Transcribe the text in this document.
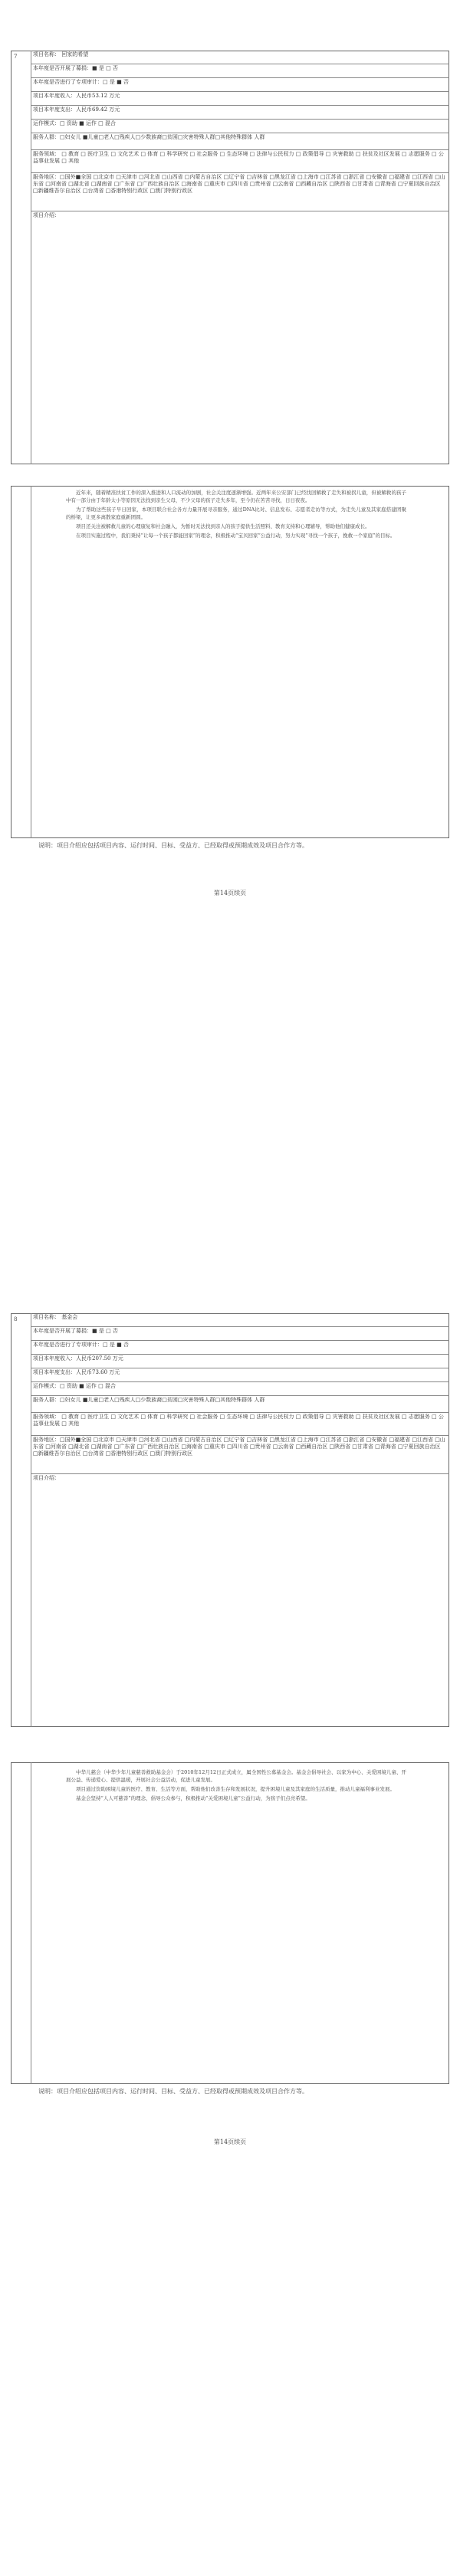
7	项目名称： 回家的希望
本年度是否开展了募捐：■ 是 □ 否
本年度是否进行了专项审计：□ 是 ■ 否
项目本年度收入：人民币53.12 万元
项目本年度支出：人民币69.42 万元
运作模式：□ 资助 ■ 运作 □ 混合
服务人群：□妇女儿 ■儿童□老人□残疾人□少数族裔□贫困□灾害特殊人群□其他特殊群体 人群
服务领域： □ 教育 □ 医疗卫生 □ 文化艺术 □ 体育 □ 科学研究 □ 社会服务 □ 生态环境 □ 法律与公民权力 □ 政策倡导 □ 灾害救助 □ 扶贫及社区发展 □ 志愿服务 □ 公益事业发展 □ 其他
服务地区：□国外■全国 □北京市 □天津市 □河北省 □山西省 □内蒙古自治区 □辽宁省 □吉林省 □黑龙江省 □上海市 □江苏省 □浙江省 □安徽省 □福建省 □江西省 □山东省 □河南省 □湖北省 □湖南省 □广东省 □广西壮族自治区 □海南省 □重庆市 □四川省 □贵州省 □云南省 □西藏自治区 □陕西省 □甘肃省 □青海省 □宁夏回族自治区 □新疆维吾尔自治区 □台湾省 □香港特别行政区 □澳门特别行政区
项目介绍：

近年来，随着精准扶贫工作的深入推进和人口流动的加剧，社会关注度逐渐增强。近两年来公安部门已经找回解救了走失和被拐儿童，但被解救的孩子中有一部分由于年龄太小等原因无法找到亲生父母，不少父母的孩子走失多年，至今仍在苦苦寻找，日日夜夜。

为了帮助这些孩子早日回家，本项目联合社会各方力量开展寻亲服务，通过DNA比对、信息发布、志愿者走访等方式，为走失儿童及其家庭搭建团聚的桥梁，让更多离散家庭重新团圆。

项目还关注被解救儿童的心理康复和社会融入，为暂时无法找到亲人的孩子提供生活照料、教育支持和心理辅导，帮助他们健康成长。

在项目实施过程中，我们秉持“让每一个孩子都能回家”的理念，积极推动“宝贝回家”公益行动，努力实现“寻找一个孩子，挽救一个家庭”的目标。

说明：项目介绍应包括项目内容、运行时间、目标、受益方、已经取得或预期成效及项目合作方等。
第14页续页
8	项目名称： 基金会
本年度是否开展了募捐：■ 是 □ 否
本年度是否进行了专项审计：□ 是 ■ 否
项目本年度收入：人民币207.50 万元
项目本年度支出：人民币73.60 万元
运作模式：□ 资助 ■ 运作 □ 混合
服务人群：□妇女儿 ■儿童□老人□残疾人□少数族裔□贫困□灾害特殊人群□其他特殊群体 人群
服务领域： □ 教育 □ 医疗卫生 □ 文化艺术 □ 体育 □ 科学研究 □ 社会服务 □ 生态环境 □ 法律与公民权力 □ 政策倡导 □ 灾害救助 □ 扶贫及社区发展 □ 志愿服务 □ 公益事业发展 □ 其他
服务地区：□国外■全国 □北京市 □天津市 □河北省 □山西省 □内蒙古自治区 □辽宁省 □吉林省 □黑龙江省 □上海市 □江苏省 □浙江省 □安徽省 □福建省 □江西省 □山东省 □河南省 □湖北省 □湖南省 □广东省 □广西壮族自治区 □海南省 □重庆市 □四川省 □贵州省 □云南省 □西藏自治区 □陕西省 □甘肃省 □青海省 □宁夏回族自治区 □新疆维吾尔自治区 □台湾省 □香港特别行政区 □澳门特别行政区
项目介绍：

中华儿慈会（中华少年儿童慈善救助基金会）于2010年12月12日正式成立，属全国性公募基金会。基金会倡导社会、以家为中心、关爱困境儿童、开展公益、传递爱心、提供温暖，开展社会公益活动，促进儿童发展。

项目通过资助困境儿童的医疗、教育、生活等方面，帮助他们改善生存和发展状况，提升困境儿童及其家庭的生活质量，推动儿童福利事业发展。

基金会坚持“人人可慈善”的理念，倡导公众参与，积极推动“关爱困境儿童”公益行动，为孩子们点亮希望。

说明：项目介绍应包括项目内容、运行时间、目标、受益方、已经取得或预期成效及项目合作方等。
第14页续页
